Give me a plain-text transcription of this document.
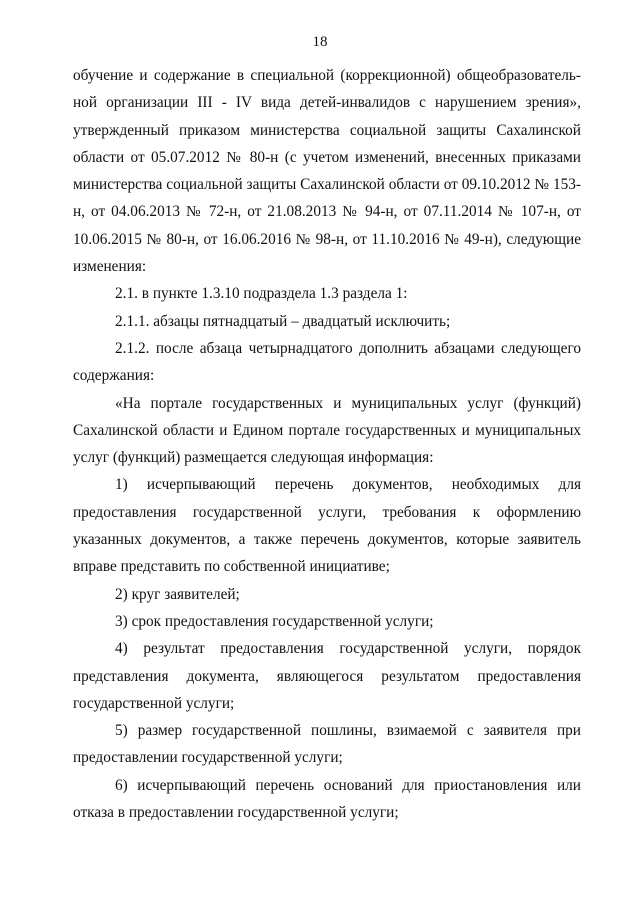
18

обучение и содержание в специальной (коррекционной) общеобразователь-ной организации III - IV вида детей-инвалидов с нарушением зрения», утвержденный приказом министерства социальной защиты Сахалинской области от 05.07.2012 № 80-н (с учетом изменений, внесенных приказами министерства социальной защиты Сахалинской области от 09.10.2012 № 153-н, от 04.06.2013 № 72-н, от 21.08.2013 № 94-н, от 07.11.2014 № 107-н, от 10.06.2015 № 80-н, от 16.06.2016 № 98-н, от 11.10.2016 № 49-н), следующие изменения:

2.1. в пункте 1.3.10 подраздела 1.3 раздела 1:

2.1.1. абзацы пятнадцатый – двадцатый исключить;

2.1.2. после абзаца четырнадцатого дополнить абзацами следующего содержания:

«На портале государственных и муниципальных услуг (функций) Сахалинской области и Едином портале государственных и муниципальных услуг (функций) размещается следующая информация:

1) исчерпывающий перечень документов, необходимых для предоставления государственной услуги, требования к оформлению указанных документов, а также перечень документов, которые заявитель вправе представить по собственной инициативе;

2) круг заявителей;

3) срок предоставления государственной услуги;

4) результат предоставления государственной услуги, порядок представления документа, являющегося результатом предоставления государственной услуги;

5) размер государственной пошлины, взимаемой с заявителя при предоставлении государственной услуги;

6) исчерпывающий перечень оснований для приостановления или отказа в предоставлении государственной услуги;
